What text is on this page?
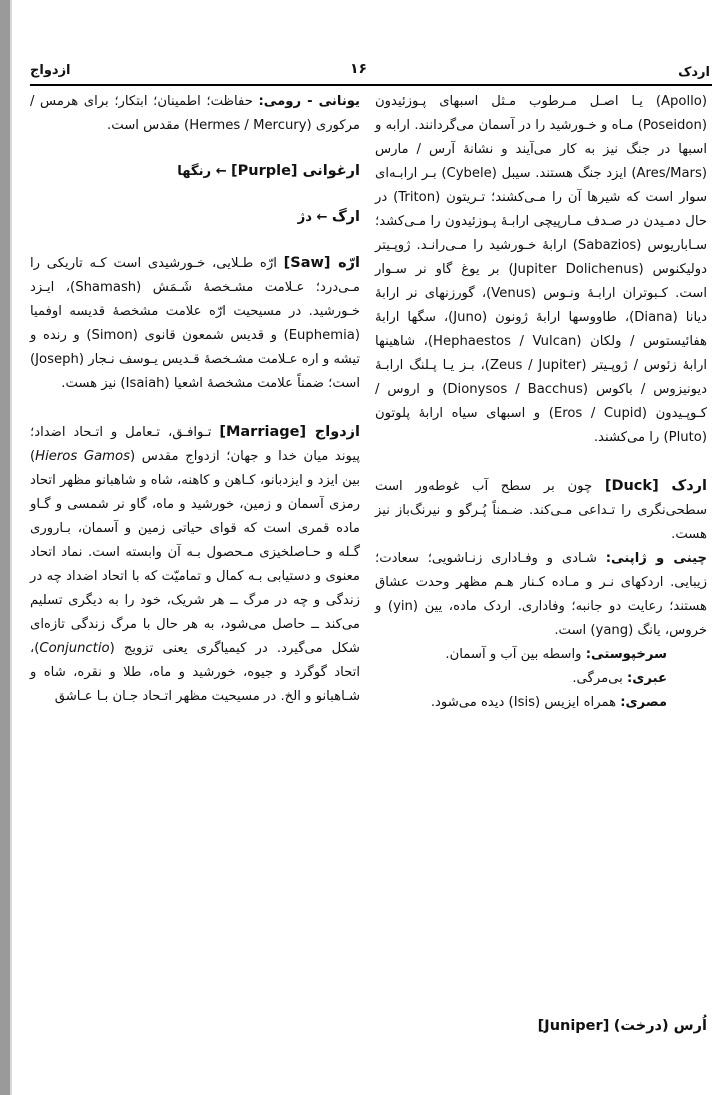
اردک
۱۶
ازدواج

(Apollo) یـا اصـل مـرطوب مـثل اسبهای پـوزئیدون (Poseidon) مـاه و خـورشید را در آسمان می‌گردانند. ارابه و اسبها در جنگ نیز به کار می‌آیند و نشانهٔ آرس / مارس (Ares/Mars) ایزد جنگ هستند. سیبل (Cybele) بـر ارابـه‌ای سوار است که شیرها آن را مـی‌کشند؛ تـریتون (Triton) در حال دمـیدن در صـدف مـارپیچی ارابـهٔ پـوزئیدون را مـی‌کشد؛ سـاباریوس (Sabazios) ارابهٔ خـورشید را مـی‌رانـد. ژوپـیتر دولیکنوس (Jupiter Dolichenus) بر یوغ گاو نر سـوار است. کـبوتران ارابـهٔ ونـوس (Venus)، گورزنهای نر ارابهٔ دیانا (Diana)، طاووسها ارابهٔ ژونون (Juno)، سگها ارابهٔ هفائیستوس / ولکان (Hephaestos / Vulcan)، شاهینها ارابهٔ زئوس / ژوپـیتر (Zeus / Jupiter)، بـز یـا پـلنگ ارابـهٔ دیونیزوس / باکوس (Dionysos / Bacchus) و اروس / کـوپـیدون (Eros / Cupid) و اسبهای سیاه ارابهٔ پلوتون (Pluto) را می‌کشند.

اردک [Duck] چون بر سطح آب غوطه‌ور است سطحی‌نگری را تـداعی مـی‌کند. ضـمناً پُـرگو و نیرنگ‌باز نیز هست.

چینی و ژاپنی: شـادی و وفـاداری زنـاشویی؛ سعادت؛ زیبایی. اردکهای نـر و مـاده کـنار هـم مظهر وحدت عشاق هستند؛ رعایت دو جانبه؛ وفاداری. اردک ماده، یین (yin) و خروس، یانگ (yang) است.

سرخپوستی: واسطه بین آب و آسمان.

عبری: بی‌مرگی.

مصری: همراه ایزیس (Isis) دیده می‌شود.

اُرس (درخت) [Juniper]

یونانی - رومی: حفاظت؛ اطمینان؛ ابتکار؛ برای هرمس / مرکوری (Hermes / Mercury) مقدس است.

ارغوانی [Purple] ← رنگها

ارگ ← دژ

ارّه [Saw] ارّه طـلایی، خـورشیدی است کـه تاریکی را مـی‌درد؛ عـلامت مشـخصهٔ شَـمَش (Shamash)، ایـزد خـورشید. در مسیحیت ارّه علامت مشخصهٔ قدیسه اوفمیا (Euphemia) و قدیس شمعون قانوی (Simon) و رنده و تیشه و اره عـلامت مشـخصهٔ قـدیس یـوسف نـجار (Joseph) است؛ ضمناً علامت مشخصهٔ اشعیا (Isaiah) نیز هست.

ازدواج [Marriage] تـوافـق، تـعامل و اتـحاد اضداد؛ پیوند میان خدا و جهان؛ ازدواج مقدس (Hieros Gamos) بین ایزد و ایزدبانو، کـاهن و کاهنه، شاه و شاهبانو مظهر اتحاد رمزی آسمان و زمین، خورشید و ماه، گاو نر شمسی و گـاو ماده قمری است که قوای حیاتی زمین و آسمان، بـاروری گـله و حـاصلخیزی مـحصول بـه آن وابسته است. نماد اتحاد معنوی و دستیابی بـه کمال و تمامیّت که با اتحاد اضداد چه در زندگی و چه در مرگ ــ هر شریک، خود را به دیگری تسلیم می‌کند ــ حاصل می‌شود، به هر حال با مرگ زندگی تازه‌ای شکل می‌گیرد. در کیمیاگری یعنی تزویج (Conjunctio)، اتحاد گوگرد و جیوه، خورشید و ماه، طلا و نقره، شاه و شـاهبانو و الخ. در مسیحیت مظهر اتـحاد جـان بـا عـاشق
